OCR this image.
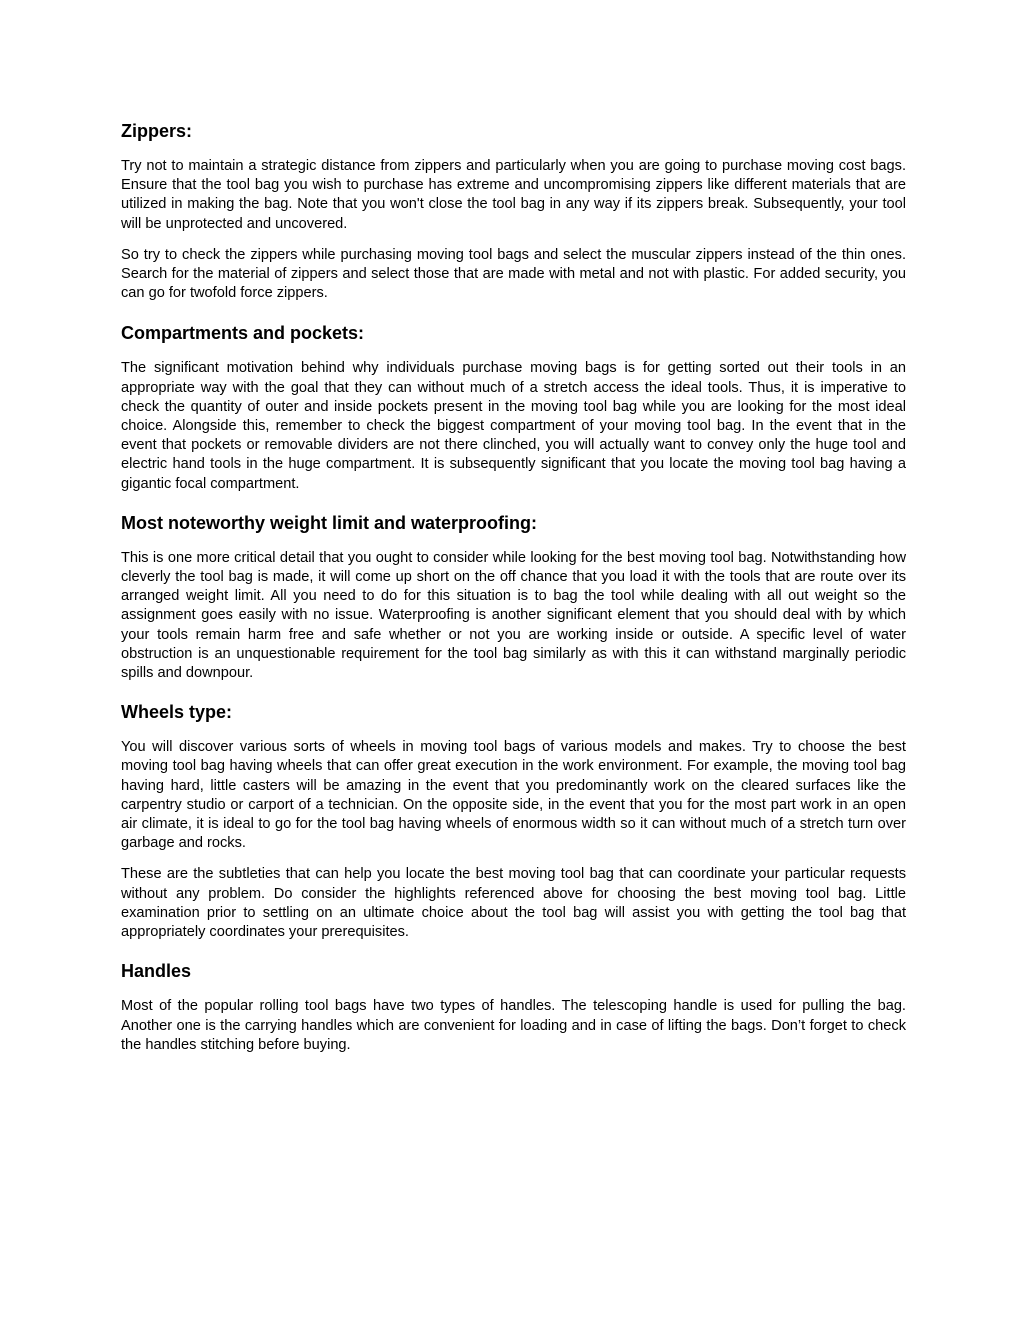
Zippers:

Try not to maintain a strategic distance from zippers and particularly when you are going to purchase moving cost bags. Ensure that the tool bag you wish to purchase has extreme and uncompromising zippers like different materials that are utilized in making the bag. Note that you won't close the tool bag in any way if its zippers break. Subsequently, your tool will be unprotected and uncovered.

So try to check the zippers while purchasing moving tool bags and select the muscular zippers instead of the thin ones. Search for the material of zippers and select those that are made with metal and not with plastic. For added security, you can go for twofold force zippers.

Compartments and pockets:

The significant motivation behind why individuals purchase moving bags is for getting sorted out their tools in an appropriate way with the goal that they can without much of a stretch access the ideal tools. Thus, it is imperative to check the quantity of outer and inside pockets present in the moving tool bag while you are looking for the most ideal choice. Alongside this, remember to check the biggest compartment of your moving tool bag. In the event that in the event that pockets or removable dividers are not there clinched, you will actually want to convey only the huge tool and electric hand tools in the huge compartment. It is subsequently significant that you locate the moving tool bag having a gigantic focal compartment.

Most noteworthy weight limit and waterproofing:

This is one more critical detail that you ought to consider while looking for the best moving tool bag. Notwithstanding how cleverly the tool bag is made, it will come up short on the off chance that you load it with the tools that are route over its arranged weight limit. All you need to do for this situation is to bag the tool while dealing with all out weight so the assignment goes easily with no issue. Waterproofing is another significant element that you should deal with by which your tools remain harm free and safe whether or not you are working inside or outside. A specific level of water obstruction is an unquestionable requirement for the tool bag similarly as with this it can withstand marginally periodic spills and downpour.

Wheels type:

You will discover various sorts of wheels in moving tool bags of various models and makes. Try to choose the best moving tool bag having wheels that can offer great execution in the work environment. For example, the moving tool bag having hard, little casters will be amazing in the event that you predominantly work on the cleared surfaces like the carpentry studio or carport of a technician. On the opposite side, in the event that you for the most part work in an open air climate, it is ideal to go for the tool bag having wheels of enormous width so it can without much of a stretch turn over garbage and rocks.

These are the subtleties that can help you locate the best moving tool bag that can coordinate your particular requests without any problem. Do consider the highlights referenced above for choosing the best moving tool bag. Little examination prior to settling on an ultimate choice about the tool bag will assist you with getting the tool bag that appropriately coordinates your prerequisites.

Handles

Most of the popular rolling tool bags have two types of handles. The telescoping handle is used for pulling the bag. Another one is the carrying handles which are convenient for loading and in case of lifting the bags. Don’t forget to check the handles stitching before buying.
